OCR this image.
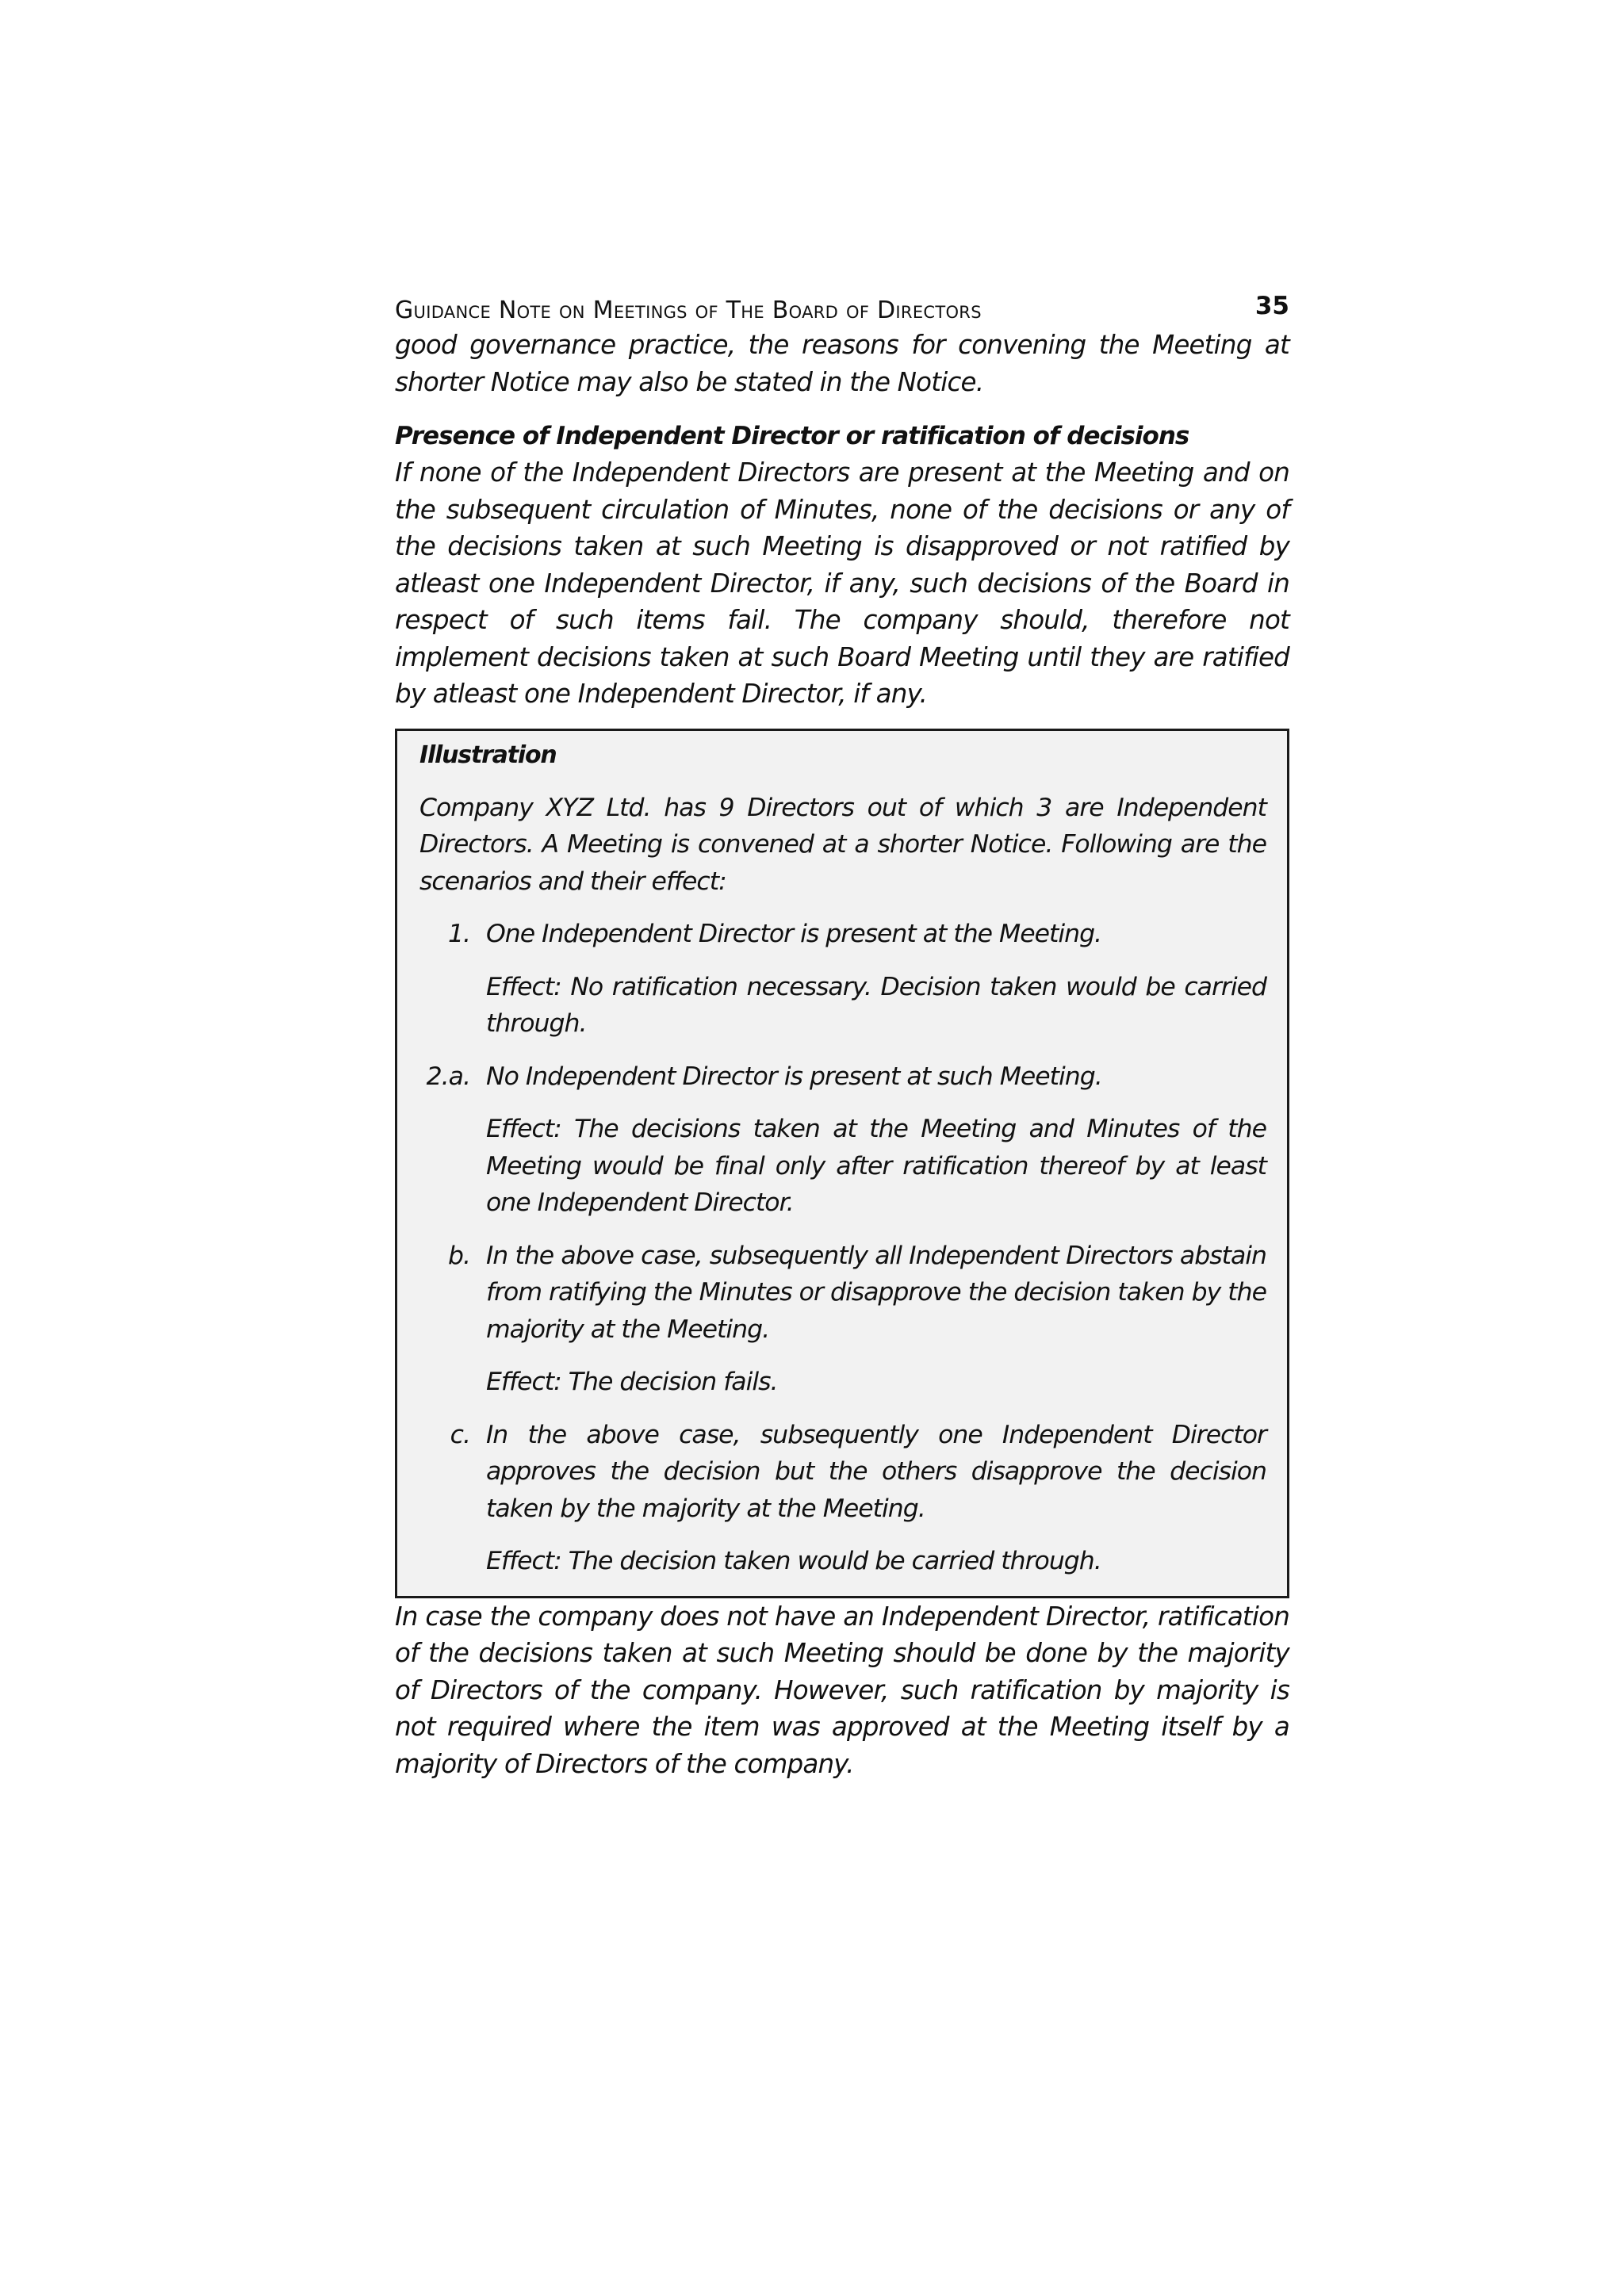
Guidance Note on Meetings of The Board of Directors	35

good governance practice, the reasons for convening the Meeting at shorter Notice may also be stated in the Notice.

Presence of Independent Director or ratification of decisions

If none of the Independent Directors are present at the Meeting and on the subsequent circulation of Minutes, none of the decisions or any of the decisions taken at such Meeting is disapproved or not ratified by atleast one Independent Director, if any, such decisions of the Board in respect of such items fail. The company should, therefore not implement decisions taken at such Board Meeting until they are ratified by atleast one Independent Director, if any.

Illustration

Company XYZ Ltd. has 9 Directors out of which 3 are Independent Directors. A Meeting is convened at a shorter Notice. Following are the scenarios and their effect:

1. One Independent Director is present at the Meeting.

Effect: No ratification necessary. Decision taken would be carried through.

2.a. No Independent Director is present at such Meeting.

Effect: The decisions taken at the Meeting and Minutes of the Meeting would be final only after ratification thereof by at least one Independent Director.

b. In the above case, subsequently all Independent Directors abstain from ratifying the Minutes or disapprove the decision taken by the majority at the Meeting.

Effect: The decision fails.

c. In the above case, subsequently one Independent Director approves the decision but the others disapprove the decision taken by the majority at the Meeting.

Effect: The decision taken would be carried through.

In case the company does not have an Independent Director, ratification of the decisions taken at such Meeting should be done by the majority of Directors of the company. However, such ratification by majority is not required where the item was approved at the Meeting itself by a majority of Directors of the company.
